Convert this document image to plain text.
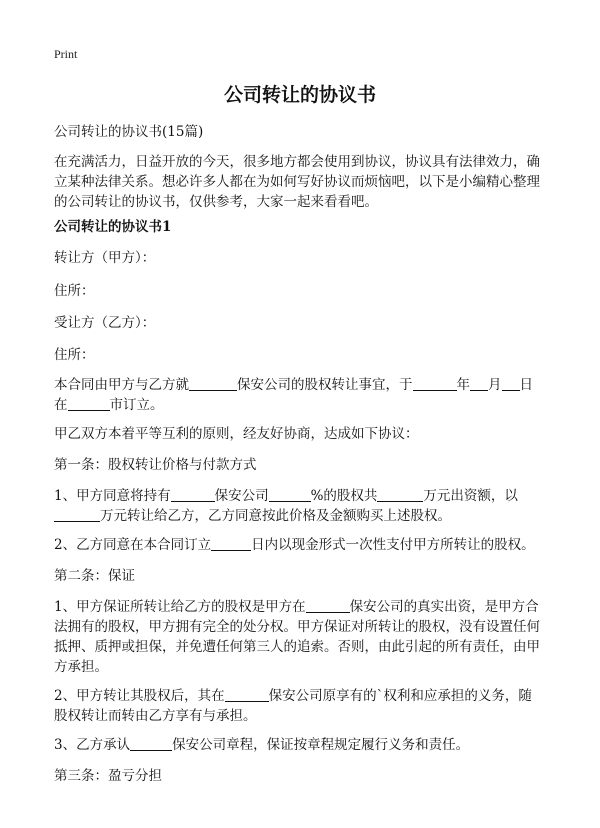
Print
公司转让的协议书
公司转让的协议书(15篇)
在充满活力，日益开放的今天，很多地方都会使用到协议，协议具有法律效力，确
立某种法律关系。想必许多人都在为如何写好协议而烦恼吧，以下是小编精心整理
的公司转让的协议书，仅供参考，大家一起来看看吧。
公司转让的协议书1
转让方（甲方）：
住所：
受让方（乙方）：
住所：
本合同由甲方与乙方就	保安公司的股权转让事宜，于	年 月 日
在	市订立。
甲乙双方本着平等互利的原则，经友好协商，达成如下协议：
第一条：股权转让价格与付款方式
1、甲方同意将持有	保安公司	%的股权共	万元出资额，以
万元转让给乙方，乙方同意按此价格及金额购买上述股权。
2、乙方同意在本合同订立	日内以现金形式一次性支付甲方所转让的股权。
第二条：保证
1、甲方保证所转让给乙方的股权是甲方在	保安公司的真实出资，是甲方合
法拥有的股权，甲方拥有完全的处分权。甲方保证对所转让的股权，没有设置任何
抵押、质押或担保，并免遭任何第三人的追索。否则，由此引起的所有责任，由甲
方承担。
2、甲方转让其股权后，其在	保安公司原享有的`权利和应承担的义务，随
股权转让而转由乙方享有与承担。
3、乙方承认	保安公司章程，保证按章程规定履行义务和责任。
第三条：盈亏分担
